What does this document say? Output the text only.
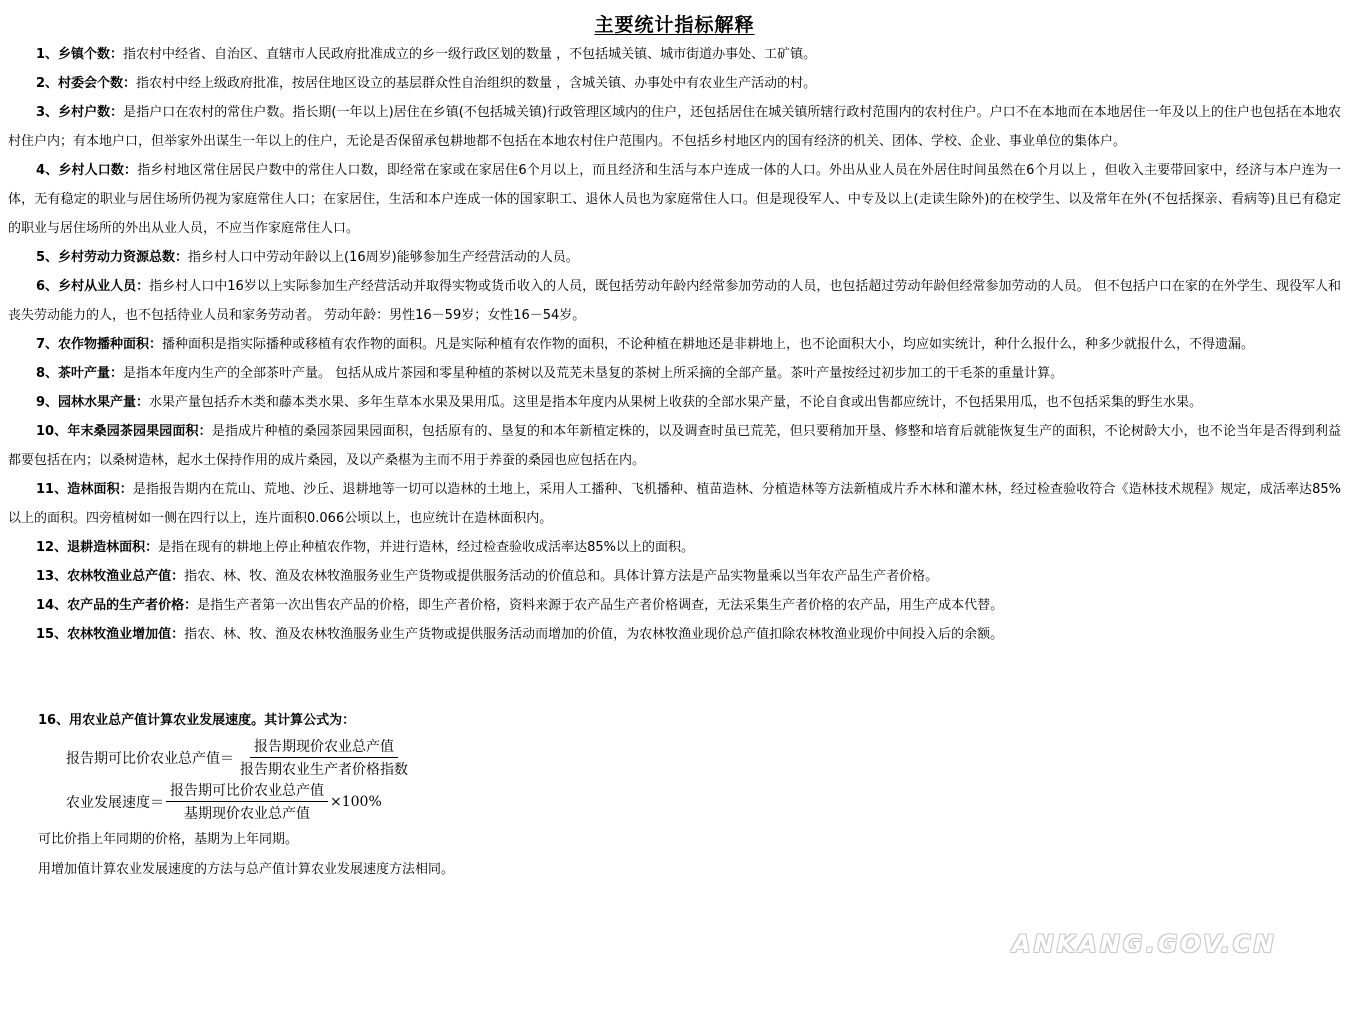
主要统计指标解释

1、乡镇个数：指农村中经省、自治区、直辖市人民政府批准成立的乡一级行政区划的数量 ，不包括城关镇、城市街道办事处、工矿镇。

2、村委会个数：指农村中经上级政府批准，按居住地区设立的基层群众性自治组织的数量 ，含城关镇、办事处中有农业生产活动的村。

3、乡村户数：是指户口在农村的常住户数。指长期(一年以上)居住在乡镇(不包括城关镇)行政管理区域内的住户，还包括居住在城关镇所辖行政村范围内的农村住户。户口不在本地而在本地居住一年及以上的住户也包括在本地农村住户内；有本地户口，但举家外出谋生一年以上的住户，无论是否保留承包耕地都不包括在本地农村住户范围内。不包括乡村地区内的国有经济的机关、团体、学校、企业、事业单位的集体户。

4、乡村人口数：指乡村地区常住居民户数中的常住人口数，即经常在家或在家居住6个月以上，而且经济和生活与本户连成一体的人口。外出从业人员在外居住时间虽然在6个月以上 ，但收入主要带回家中，经济与本户连为一体，无有稳定的职业与居住场所仍视为家庭常住人口；在家居住，生活和本户连成一体的国家职工、退休人员也为家庭常住人口。但是现役军人、中专及以上(走读生除外)的在校学生、以及常年在外(不包括探亲、看病等)且已有稳定的职业与居住场所的外出从业人员，不应当作家庭常住人口。

5、乡村劳动力资源总数：指乡村人口中劳动年龄以上(16周岁)能够参加生产经营活动的人员。

6、乡村从业人员：指乡村人口中16岁以上实际参加生产经营活动并取得实物或货币收入的人员，既包括劳动年龄内经常参加劳动的人员，也包括超过劳动年龄但经常参加劳动的人员。 但不包括户口在家的在外学生、现役军人和丧失劳动能力的人，也不包括待业人员和家务劳动者。 劳动年龄：男性16－59岁；女性16－54岁。

7、农作物播种面积：播种面积是指实际播种或移植有农作物的面积。凡是实际种植有农作物的面积，不论种植在耕地还是非耕地上，也不论面积大小，均应如实统计，种什么报什么，种多少就报什么，不得遗漏。

8、茶叶产量：是指本年度内生产的全部茶叶产量。 包括从成片茶园和零星种植的茶树以及荒芜未垦复的茶树上所采摘的全部产量。茶叶产量按经过初步加工的干毛茶的重量计算。

9、园林水果产量：水果产量包括乔木类和藤本类水果、多年生草本水果及果用瓜。这里是指本年度内从果树上收获的全部水果产量，不论自食或出售都应统计，不包括果用瓜，也不包括采集的野生水果。

10、年末桑园茶园果园面积：是指成片种植的桑园茶园果园面积，包括原有的、垦复的和本年新植定株的，以及调查时虽已荒芜，但只要稍加开垦、修整和培育后就能恢复生产的面积，不论树龄大小，也不论当年是否得到利益都要包括在内；以桑树造林，起水土保持作用的成片桑园，及以产桑椹为主而不用于养蚕的桑园也应包括在内。

11、造林面积：是指报告期内在荒山、荒地、沙丘、退耕地等一切可以造林的土地上，采用人工播种、飞机播种、植苗造林、分植造林等方法新植成片乔木林和灌木林，经过检查验收符合《造林技术规程》规定，成活率达85%以上的面积。四旁植树如一侧在四行以上，连片面积0.066公顷以上，也应统计在造林面积内。

12、退耕造林面积：是指在现有的耕地上停止种植农作物，并进行造林，经过检查验收成活率达85%以上的面积。

13、农林牧渔业总产值：指农、林、牧、渔及农林牧渔服务业生产货物或提供服务活动的价值总和。具体计算方法是产品实物量乘以当年农产品生产者价格。

14、农产品的生产者价格：是指生产者第一次出售农产品的价格，即生产者价格，资料来源于农产品生产者价格调查，无法采集生产者价格的农产品，用生产成本代替。

15、农林牧渔业增加值：指农、林、牧、渔及农林牧渔服务业生产货物或提供服务活动而增加的价值，为农林牧渔业现价总产值扣除农林牧渔业现价中间投入后的余额。

16、用农业总产值计算农业发展速度。其计算公式为：
报告期可比价农业总产值＝ $\frac{\text{报告期现价农业总产值}}{\text{报告期农业生产者价格指数}}$
农业发展速度＝ $\frac{\text{报告期可比价农业总产值}}{\text{基期现价农业总产值}} \times 100\%$
可比价指上年同期的价格，基期为上年同期。
用增加值计算农业发展速度的方法与总产值计算农业发展速度方法相同。
ANKANG.GOV.CN
